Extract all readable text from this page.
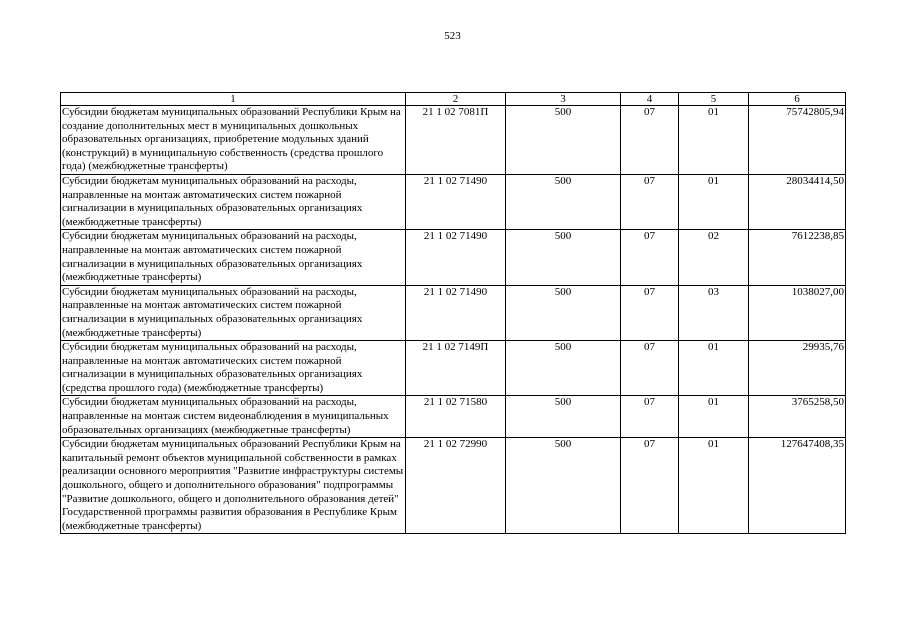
523
1	2	3	4	5	6
Субсидии бюджетам муниципальных образований Республики Крым на создание дополнительных мест в муниципальных дошкольных образовательных организациях, приобретение модульных зданий (конструкций) в муниципальную собственность (средства прошлого года) (межбюджетные трансферты)	21 1 02 7081П	500	07	01	75742805,94
Субсидии бюджетам муниципальных образований на расходы, направленные на монтаж автоматических систем пожарной сигнализации в муниципальных образовательных организациях (межбюджетные трансферты)	21 1 02 71490	500	07	01	28034414,50
Субсидии бюджетам муниципальных образований на расходы, направленные на монтаж автоматических систем пожарной сигнализации в муниципальных образовательных организациях (межбюджетные трансферты)	21 1 02 71490	500	07	02	7612238,85
Субсидии бюджетам муниципальных образований на расходы, направленные на монтаж автоматических систем пожарной сигнализации в муниципальных образовательных организациях (межбюджетные трансферты)	21 1 02 71490	500	07	03	1038027,00
Субсидии бюджетам муниципальных образований на расходы, направленные на монтаж автоматических систем пожарной сигнализации в муниципальных образовательных организациях (средства прошлого года) (межбюджетные трансферты)	21 1 02 7149П	500	07	01	29935,76
Субсидии бюджетам муниципальных образований на расходы, направленные на монтаж систем видеонаблюдения в муниципальных образовательных организациях (межбюджетные трансферты)	21 1 02 71580	500	07	01	3765258,50
Субсидии бюджетам муниципальных образований Республики Крым на капитальный ремонт объектов муниципальной собственности в рамках реализации основного мероприятия "Развитие инфраструктуры системы дошкольного, общего и дополнительного образования" подпрограммы "Развитие дошкольного, общего и дополнительного образования детей" Государственной программы развития образования в Республике Крым (межбюджетные трансферты)	21 1 02 72990	500	07	01	127647408,35
